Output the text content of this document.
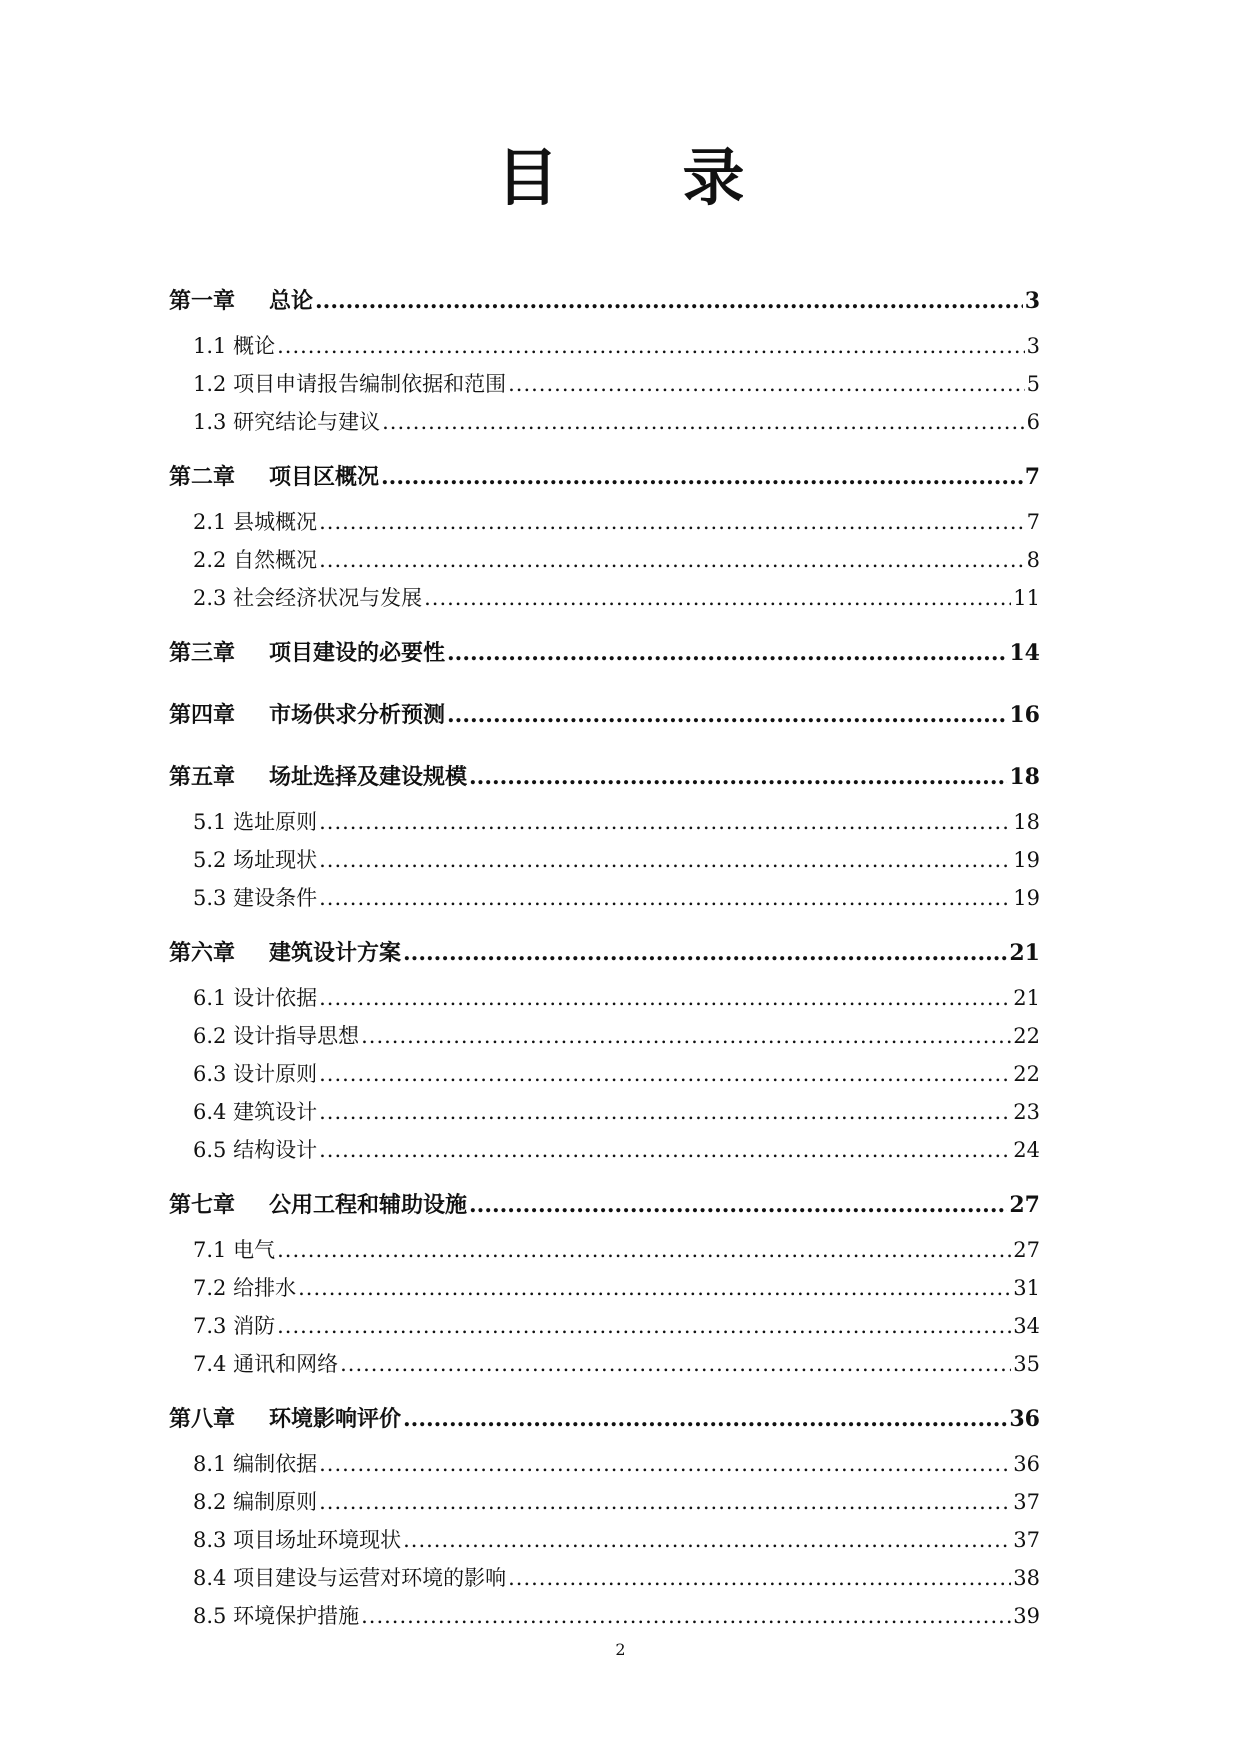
目　录
第一章 总论 .....	3
1.1 概论 .....	3
1.2 项目申请报告编制依据和范围 .....	5
1.3 研究结论与建议 .....	6
第二章 项目区概况 .....	7
2.1 县城概况 .....	7
2.2 自然概况 .....	8
2.3 社会经济状况与发展 .....	11
第三章 项目建设的必要性 .....	14
第四章 市场供求分析预测 .....	16
第五章 场址选择及建设规模 .....	18
5.1 选址原则 .....	18
5.2 场址现状 .....	19
5.3 建设条件 .....	19
第六章 建筑设计方案 .....	21
6.1 设计依据 .....	21
6.2 设计指导思想 .....	22
6.3 设计原则 .....	22
6.4 建筑设计 .....	23
6.5 结构设计 .....	24
第七章 公用工程和辅助设施 .....	27
7.1 电气 .....	27
7.2 给排水 .....	31
7.3 消防 .....	34
7.4 通讯和网络 .....	35
第八章 环境影响评价 .....	36
8.1 编制依据 .....	36
8.2 编制原则 .....	37
8.3 项目场址环境现状 .....	37
8.4 项目建设与运营对环境的影响 .....	38
8.5 环境保护措施 .....	39
2
